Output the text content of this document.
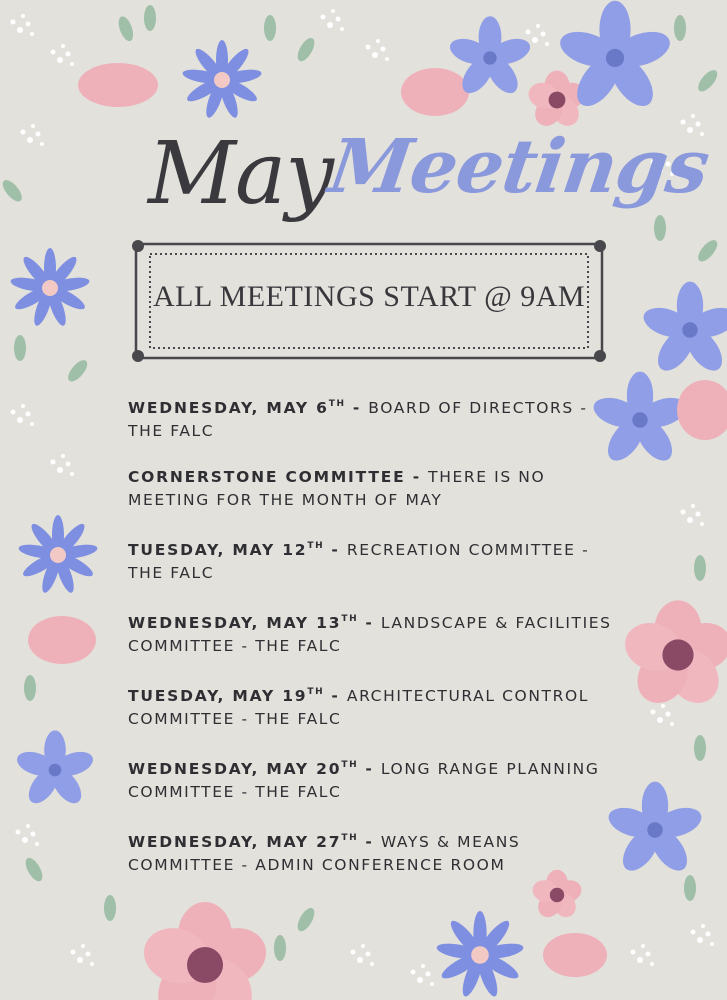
May
Meetings
ALL MEETINGS START @ 9AM
WEDNESDAY, MAY 6TH - BOARD OF DIRECTORS - THE FALC
CORNERSTONE COMMITTEE - THERE IS NO MEETING FOR THE MONTH OF MAY
TUESDAY, MAY 12TH - RECREATION COMMITTEE - THE FALC
WEDNESDAY, MAY 13TH - LANDSCAPE & FACILITIES COMMITTEE - THE FALC
TUESDAY, MAY 19TH - ARCHITECTURAL CONTROL COMMITTEE - THE FALC
WEDNESDAY, MAY 20TH - LONG RANGE PLANNING COMMITTEE - THE FALC
WEDNESDAY, MAY 27TH - WAYS & MEANS COMMITTEE - ADMIN CONFERENCE ROOM
